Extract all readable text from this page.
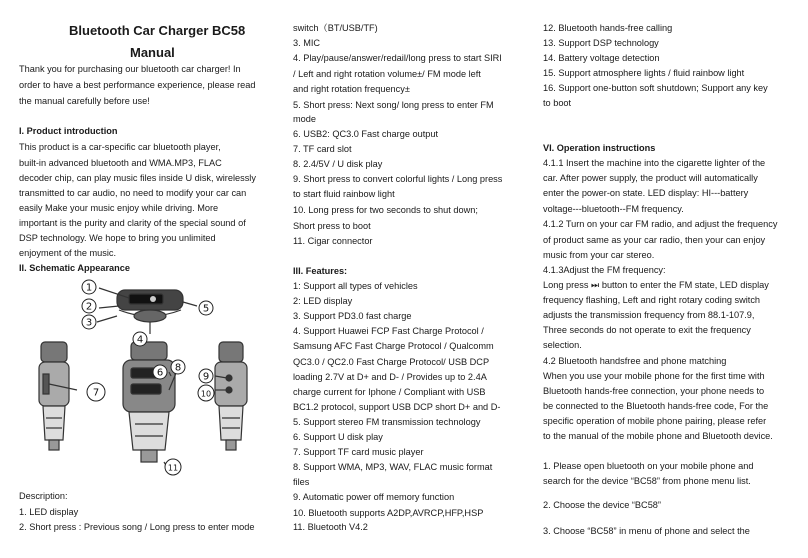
Bluetooth Car Charger BC58
Manual
Thank you for purchasing our bluetooth car charger! In
order to have a best performance experience, please read
the manual carefully before use!
I. Product introduction
This product is a car-specific car bluetooth player,
built-in advanced bluetooth and WMA.MP3, FLAC
decoder chip, can play music files inside U disk, wirelessly
transmitted to car audio, no need to modify your car can
easily Make your music enjoy while driving. More
important is the purity and clarity of the special sound of
DSP technology. We hope to bring you unlimited
enjoyment of the music.
II. Schematic Appearance
Description:
1. LED display
2. Short press : Previous song / Long press to enter mode
1
2
3
4
5
6
7
8
9
10
11
switch（BT/USB/TF)
3. MIC
4. Play/pause/answer/redail/long press to start SIRI
/ Left and right rotation volume±/ FM mode left
and right rotation frequency±
5. Short press: Next song/ long press to enter FM
mode
6. USB2: QC3.0 Fast charge output
7. TF card slot
8. 2.4/5V / U disk play
9. Short press to convert colorful lights / Long press
to start fluid rainbow light
10. Long press for two seconds to shut down;
Short press to boot
11. Cigar connector
III. Features:
1: Support all types of vehicles
2: LED display
3. Support PD3.0 fast charge
4. Support Huawei FCP Fast Charge Protocol /
Samsung AFC Fast Charge Protocol / Qualcomm
QC3.0 / QC2.0 Fast Charge Protocol/ USB DCP
loading 2.7V at D+ and D- / Provides up to 2.4A
charge current for Iphone / Compliant with USB
BC1.2 protocol, support USB DCP short D+ and D-
5. Support stereo FM transmission technology
6. Support U disk play
7. Support TF card music player
8. Support WMA, MP3, WAV, FLAC music format
files
9. Automatic power off memory function
10. Bluetooth supports A2DP,AVRCP,HFP,HSP
11. Bluetooth V4.2
12. Bluetooth hands-free calling
13. Support DSP technology
14. Battery voltage detection
15. Support atmosphere lights / fluid rainbow light
16. Support one-button soft shutdown; Support any key
to boot
VI. Operation instructions
4.1.1 Insert the machine into the cigarette lighter of the
car. After power supply, the product will automatically
enter the power-on state. LED display: HI---battery
voltage---bluetooth--FM frequency.
4.1.2 Turn on your car FM radio, and adjust the frequency
of product same as your car radio, then your can enjoy
music from your car stereo.
4.1.3Adjust the FM frequency:
Long press ⏭ button to enter the FM state, LED display
frequency flashing, Left and right rotary coding switch
adjusts the transmission frequency from 88.1-107.9,
Three seconds do not operate to exit the frequency
selection.
4.2 Bluetooth handsfree and phone matching
When you use your mobile phone for the first time with
Bluetooth hands-free connection, your phone needs to
be connected to the Bluetooth hands-free code, For the
specific operation of mobile phone pairing, please refer
to the manual of the mobile phone and Bluetooth device.
1. Please open bluetooth on your mobile phone and
search for the device “BC58” from phone menu list.
2. Choose the device “BC58”
3. Choose “BC58” in menu of phone and select the
